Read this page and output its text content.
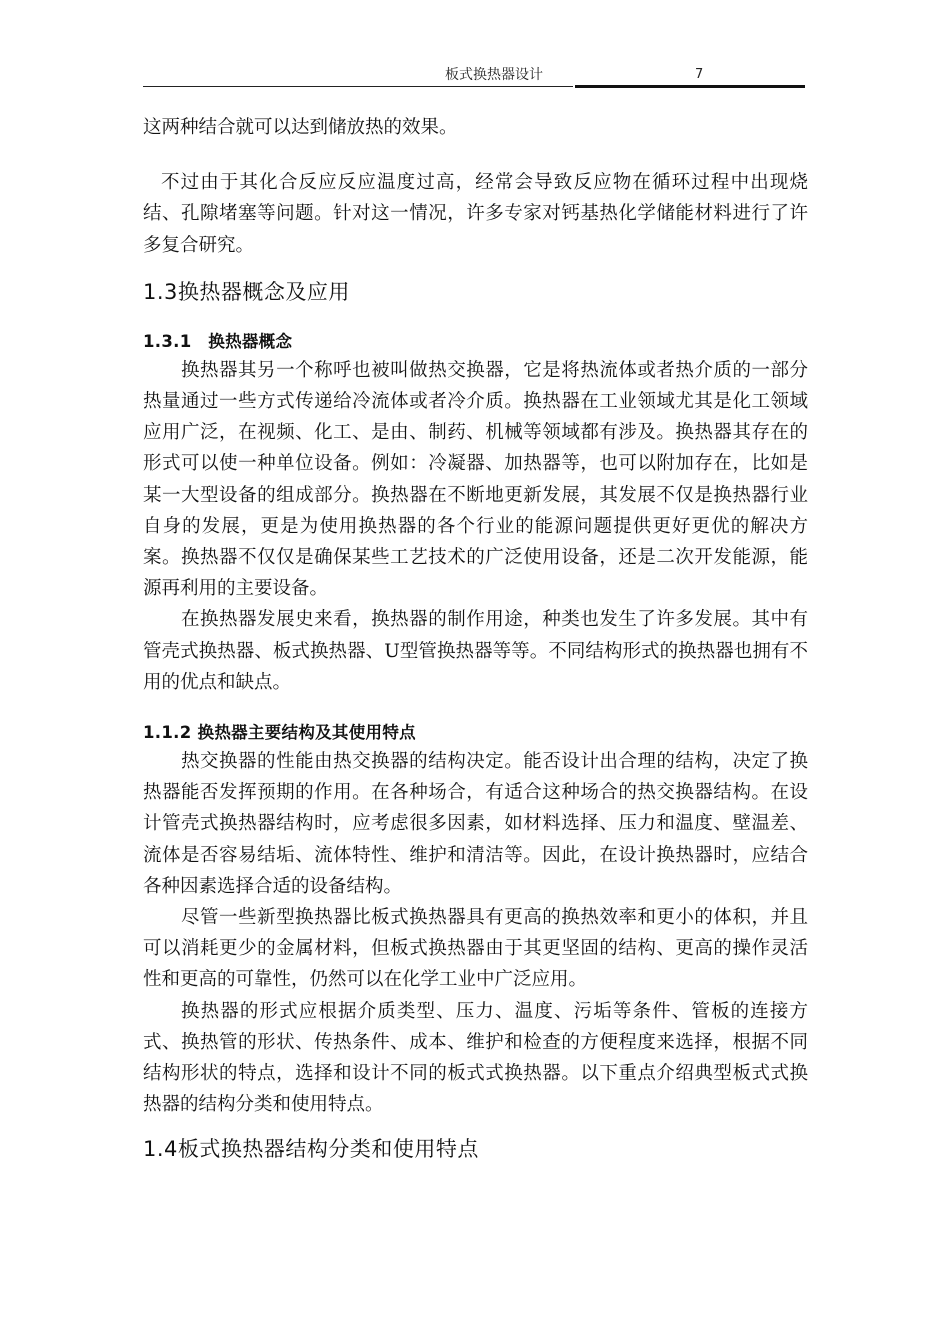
板式换热器设计	7

这两种结合就可以达到储放热的效果。

不过由于其化合反应反应温度过高，经常会导致反应物在循环过程中出现烧结、孔隙堵塞等问题。针对这一情况，许多专家对钙基热化学储能材料进行了许多复合研究。

1.3换热器概念及应用
1.3.1　换热器概念

换热器其另一个称呼也被叫做热交换器，它是将热流体或者热介质的一部分热量通过一些方式传递给冷流体或者冷介质。换热器在工业领域尤其是化工领域应用广泛，在视频、化工、是由、制药、机械等领域都有涉及。换热器其存在的形式可以使一种单位设备。例如：冷凝器、加热器等，也可以附加存在，比如是某一大型设备的组成部分。换热器在不断地更新发展，其发展不仅是换热器行业自身的发展，更是为使用换热器的各个行业的能源问题提供更好更优的解决方案。换热器不仅仅是确保某些工艺技术的广泛使用设备，还是二次开发能源，能源再利用的主要设备。

在换热器发展史来看，换热器的制作用途，种类也发生了许多发展。其中有管壳式换热器、板式换热器、U型管换热器等等。不同结构形式的换热器也拥有不用的优点和缺点。

1.1.2 换热器主要结构及其使用特点

热交换器的性能由热交换器的结构决定。能否设计出合理的结构，决定了换热器能否发挥预期的作用。在各种场合，有适合这种场合的热交换器结构。在设计管壳式换热器结构时，应考虑很多因素，如材料选择、压力和温度、壁温差、流体是否容易结垢、流体特性、维护和清洁等。因此，在设计换热器时，应结合各种因素选择合适的设备结构。

尽管一些新型换热器比板式换热器具有更高的换热效率和更小的体积，并且可以消耗更少的金属材料，但板式换热器由于其更坚固的结构、更高的操作灵活性和更高的可靠性，仍然可以在化学工业中广泛应用。

换热器的形式应根据介质类型、压力、温度、污垢等条件、管板的连接方式、换热管的形状、传热条件、成本、维护和检查的方便程度来选择，根据不同结构形状的特点，选择和设计不同的板式式换热器。以下重点介绍典型板式式换热器的结构分类和使用特点。

1.4板式换热器结构分类和使用特点
